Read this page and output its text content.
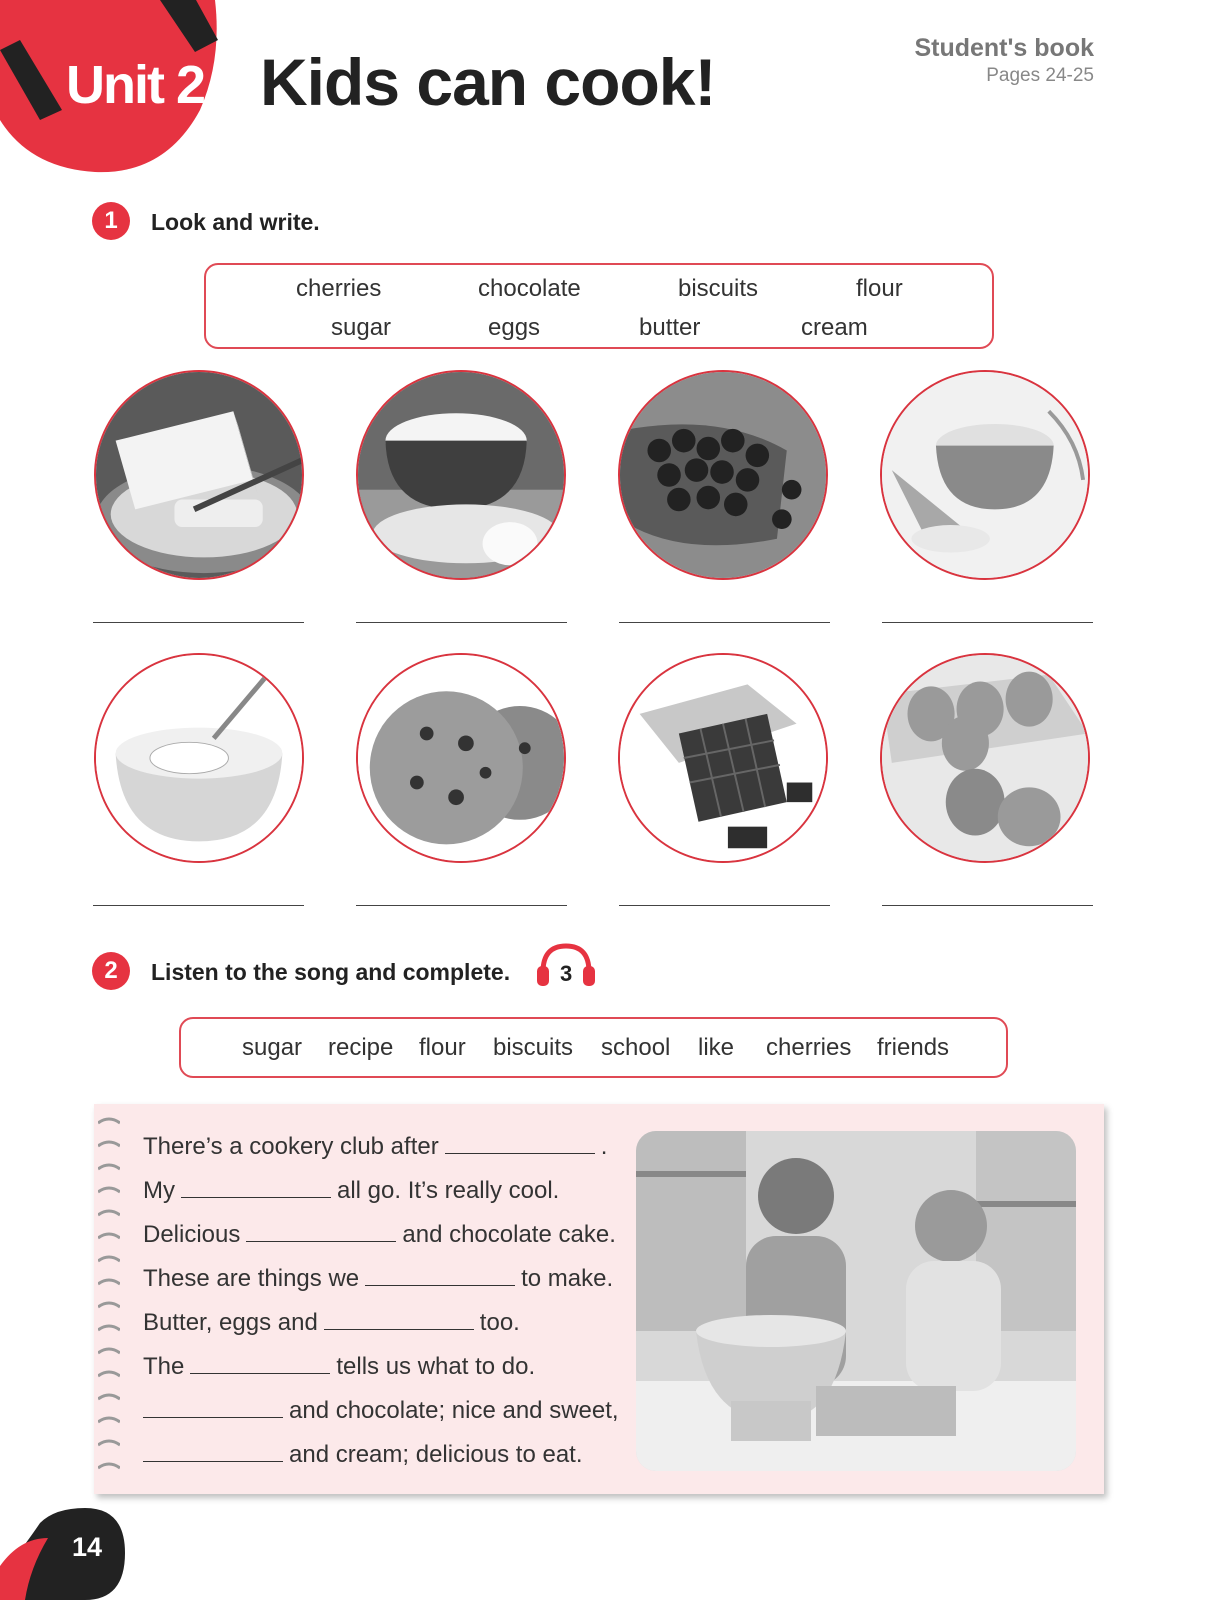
Unit 2 Kids can cook!	Student's book
Pages 24-25
1	Look and write.
cherries	chocolate	biscuits	flour
sugar	eggs	butter	cream
2	Listen to the song and complete. 3
sugar recipe flour biscuits school like cherries friends
There’s a cookery club after	.
My	all go. It’s really cool.
Delicious	and chocolate cake.
These are things we	to make.
Butter, eggs and	too.
The	tells us what to do.
and chocolate; nice and sweet,
and cream; delicious to eat.
14
